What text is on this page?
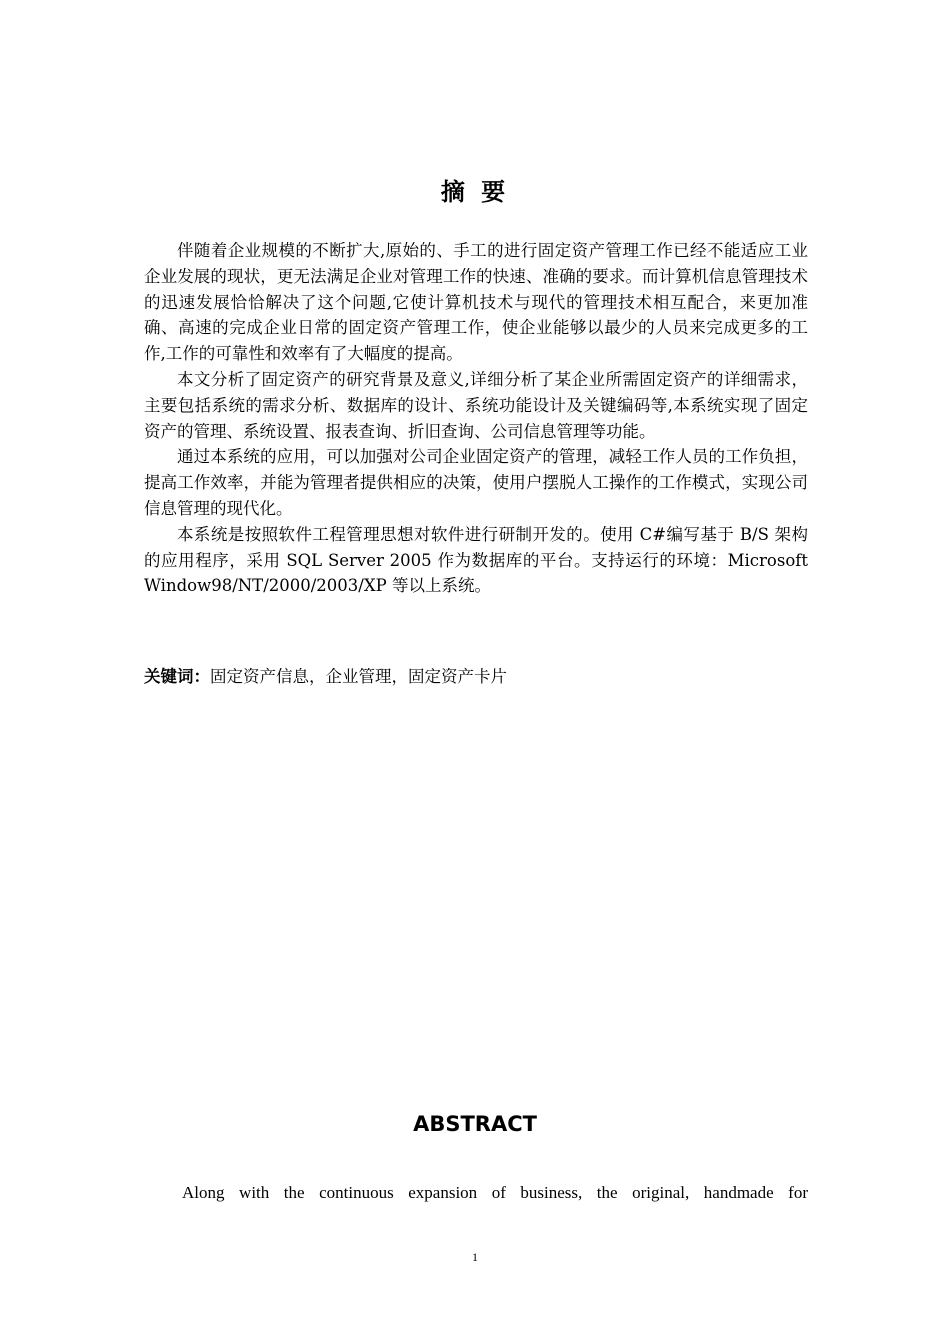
摘 要

伴随着企业规模的不断扩大,原始的、手工的进行固定资产管理工作已经不能适应工业企业发展的现状，更无法满足企业对管理工作的快速、准确的要求。而计算机信息管理技术的迅速发展恰恰解决了这个问题,它使计算机技术与现代的管理技术相互配合，来更加准确、高速的完成企业日常的固定资产管理工作，使企业能够以最少的人员来完成更多的工作,工作的可靠性和效率有了大幅度的提高。

本文分析了固定资产的研究背景及意义,详细分析了某企业所需固定资产的详细需求，主要包括系统的需求分析、数据库的设计、系统功能设计及关键编码等,本系统实现了固定资产的管理、系统设置、报表查询、折旧查询、公司信息管理等功能。

通过本系统的应用，可以加强对公司企业固定资产的管理，减轻工作人员的工作负担，提高工作效率，并能为管理者提供相应的决策，使用户摆脱人工操作的工作模式，实现公司信息管理的现代化。

本系统是按照软件工程管理思想对软件进行研制开发的。使用 C#编写基于 B/S 架构的应用程序，采用 SQL Server 2005 作为数据库的平台。支持运行的环境：Microsoft Window98/NT/2000/2003/XP 等以上系统。

关键词：固定资产信息，企业管理，固定资产卡片
ABSTRACT
Along with the continuous expansion of business, the original, handmade for
1
